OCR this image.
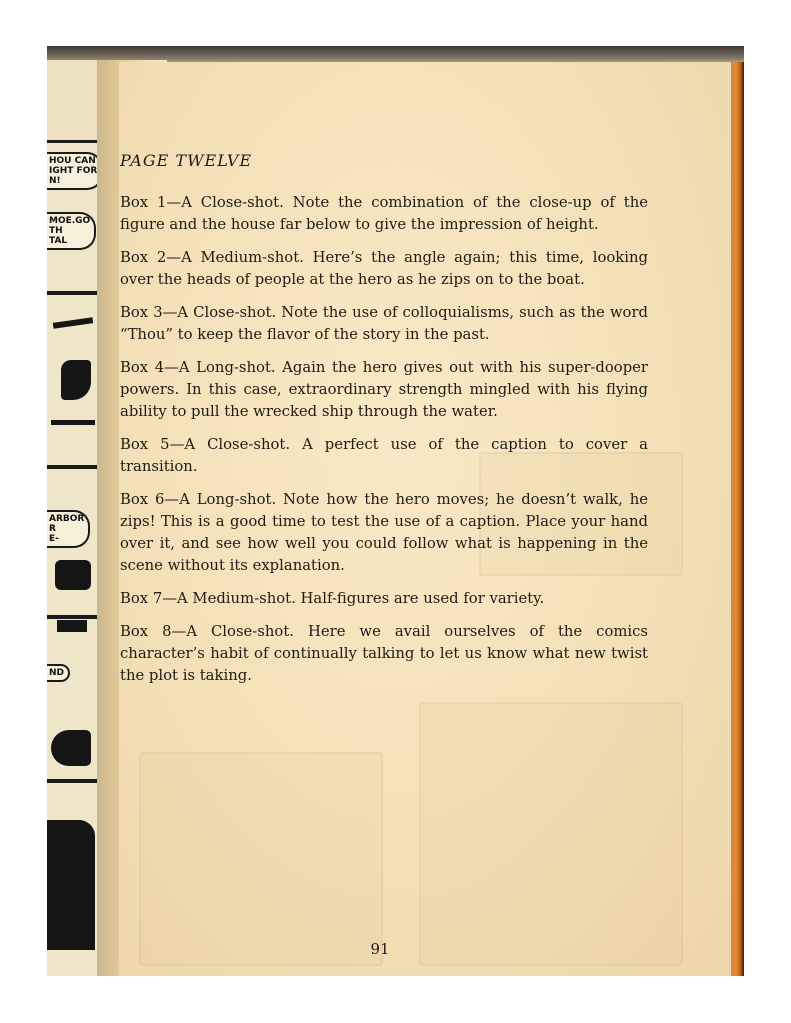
HOU CAN
IGHT FOR
N!
MOE.GO
TH
TAL
ARBOR
R
E-
ND

PAGE TWELVE

Box 1—A Close-shot. Note the combination of the close-up of the figure and the house far below to give the impression of height.

Box 2—A Medium-shot. Here’s the angle again; this time, looking over the heads of people at the hero as he zips on to the boat.

Box 3—A Close-shot. Note the use of colloquialisms, such as the word “Thou” to keep the flavor of the story in the past.

Box 4—A Long-shot. Again the hero gives out with his super-dooper powers. In this case, extraordinary strength mingled with his flying ability to pull the wrecked ship through the water.

Box 5—A Close-shot. A perfect use of the caption to cover a transition.

Box 6—A Long-shot. Note how the hero moves; he doesn’t walk, he zips! This is a good time to test the use of a caption. Place your hand over it, and see how well you could follow what is happening in the scene without its explanation.

Box 7—A Medium-shot. Half-figures are used for variety.

Box 8—A Close-shot. Here we avail ourselves of the comics character’s habit of continually talking to let us know what new twist the plot is taking.

91
